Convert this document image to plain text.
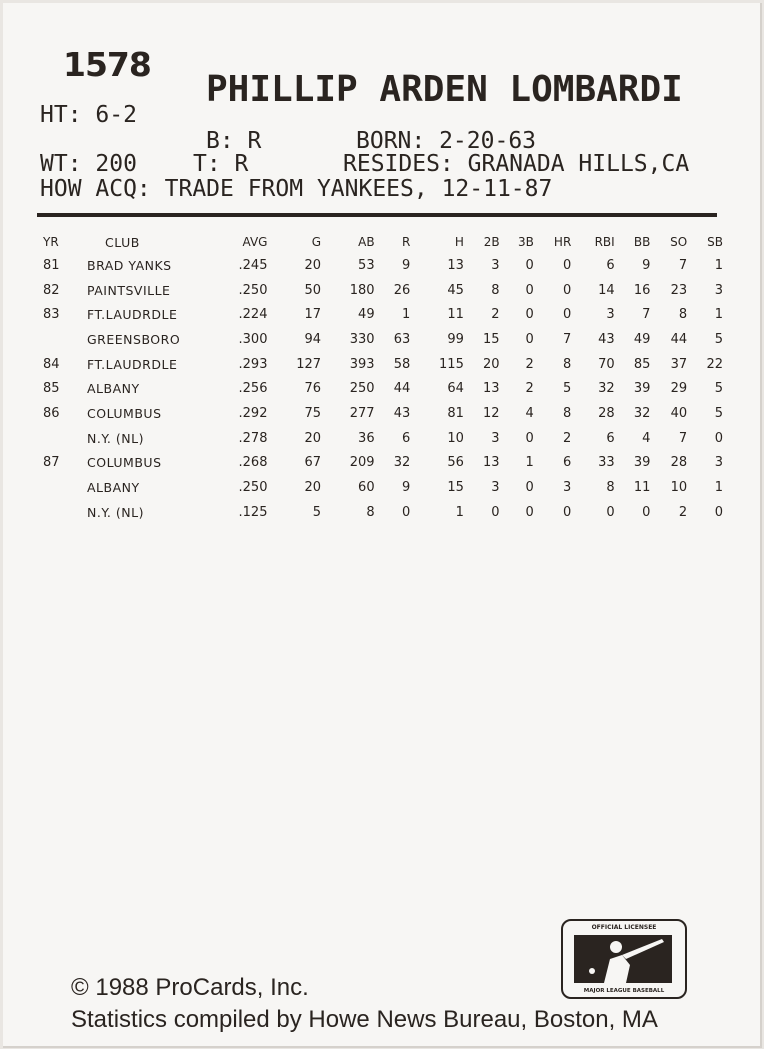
1578
PHILLIP ARDEN LOMBARDI
HT: 6-2
B: R	BORN: 2-20-63
WT: 200 T: R	RESIDES: GRANADA HILLS,CA
HOW ACQ: TRADE FROM YANKEES, 12-11-87
YR	CLUB	AVG	G	AB	R	H	2B	3B	HR	RBI	BB	SO	SB
81	BRAD YANKS	.245	20	53	9	13	3	0	0	6	9	7	1
82	PAINTSVILLE	.250	50	180	26	45	8	0	0	14	16	23	3
83	FT.LAUDRDLE	.224	17	49	1	11	2	0	0	3	7	8	1
	GREENSBORO	.300	94	330	63	99	15	0	7	43	49	44	5
84	FT.LAUDRDLE	.293	127	393	58	115	20	2	8	70	85	37	22
85	ALBANY	.256	76	250	44	64	13	2	5	32	39	29	5
86	COLUMBUS	.292	75	277	43	81	12	4	8	28	32	40	5
	N.Y. (NL)	.278	20	36	6	10	3	0	2	6	4	7	0
87	COLUMBUS	.268	67	209	32	56	13	1	6	33	39	28	3
	ALBANY	.250	20	60	9	15	3	0	3	8	11	10	1
	N.Y. (NL)	.125	5	8	0	1	0	0	0	0	0	2	0
OFFICIAL LICENSEE
MAJOR LEAGUE BASEBALL
© 1988 ProCards, Inc.
Statistics compiled by Howe News Bureau, Boston, MA
